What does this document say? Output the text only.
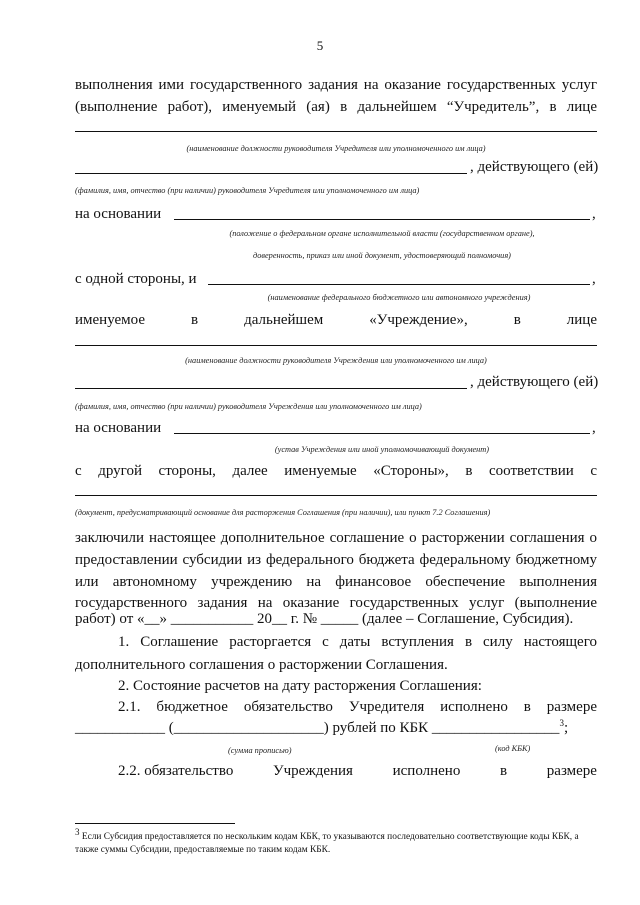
5
выполнения ими государственного задания на оказание государственных услуг
(выполнение работ), именуемый (ая) в дальнейшем “Учредитель”, в лице
(наименование должности руководителя Учредителя или уполномоченного им лица)
, действующего (ей)
(фамилия, имя, отчество (при наличии) руководителя Учредителя или уполномоченного им лица)
на основании	,
(положение о федеральном органе исполнительной власти (государственном органе),
доверенность, приказ или иной документ, удостоверяющий полномочия)
с одной стороны, и	,
(наименование федерального бюджетного или автономного учреждения)
именуемое	в	дальнейшем	«Учреждение»,	в	лице
(наименование должности руководителя Учреждения или уполномоченного им лица)
, действующего (ей)
(фамилия, имя, отчество (при наличии) руководителя Учреждения или уполномоченного им лица)
на основании	,
(устав Учреждения или иной уполномочивающий документ)
с другой стороны, далее именуемые «Стороны», в соответствии с
(документ, предусматривающий основание для расторжения Соглашения (при наличии), или пункт 7.2 Соглашения)
заключили настоящее дополнительное соглашение о расторжении соглашения о
предоставлении субсидии из федерального бюджета федеральному бюджетному
или автономному учреждению на финансовое обеспечение выполнения
государственного задания на оказание государственных услуг (выполнение
работ) от «__» ___________ 20__ г. № _____ (далее – Соглашение, Субсидия).
1. Соглашение расторгается с даты вступления в силу настоящего
дополнительного соглашения о расторжении Соглашения.
2. Состояние расчетов на дату расторжения Соглашения:
2.1. бюджетное обязательство Учредителя исполнено в размере
____________ (____________________) рублей по КБК _________________$^3$;
(сумма прописью)	(код КБК)
2.2. обязательство	Учреждения	исполнено	в	размере
$^3$ Если Субсидия предоставляется по нескольким кодам КБК, то указываются последовательно соответствующие коды КБК, а также суммы Субсидии, предоставляемые по таким кодам КБК.
